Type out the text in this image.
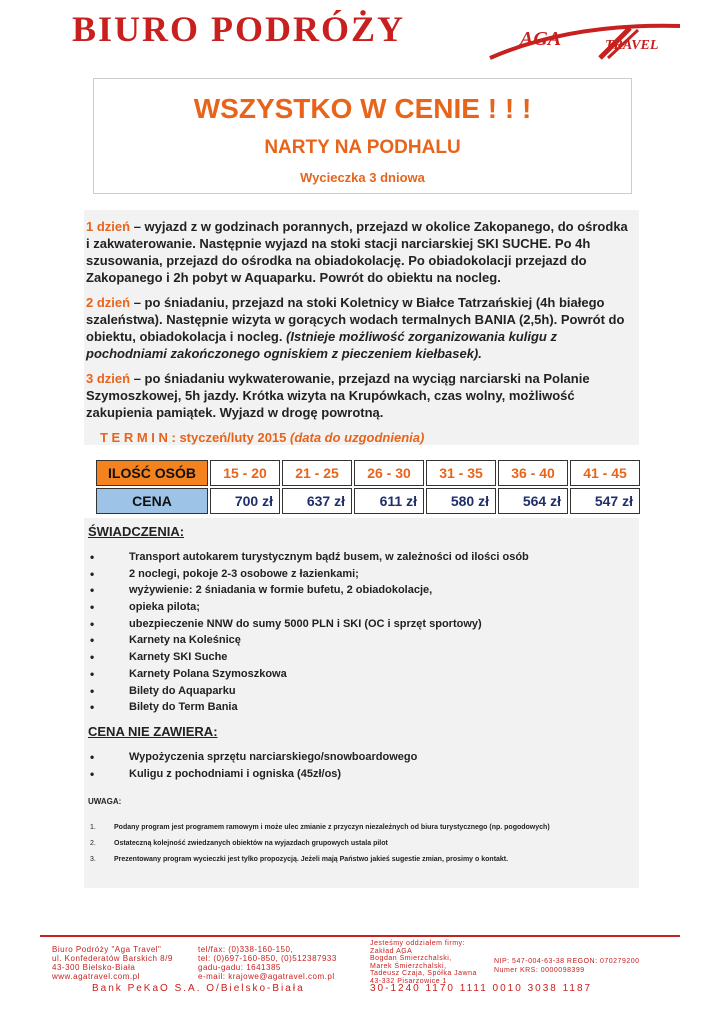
BIURO PODRÓŻY	AGA	TRAVEL
WSZYSTKO W CENIE ! ! !
NARTY NA PODHALU
Wycieczka 3 dniowa

1 dzień – wyjazd z w godzinach porannych, przejazd w okolice Zakopanego, do ośrodka i zakwaterowanie. Następnie wyjazd na stoki stacji narciarskiej SKI SUCHE. Po 4h szusowania, przejazd do ośrodka na obiadokolację. Po obiadokolacji przejazd do Zakopanego i 2h pobyt w Aquaparku. Powrót do obiektu na nocleg.

2 dzień – po śniadaniu, przejazd na stoki Koletnicy w Białce Tatrzańskiej (4h białego szaleństwa). Następnie wizyta w gorących wodach termalnych BANIA (2,5h). Powrót do obiektu, obiadokolacja i nocleg. (Istnieje możliwość zorganizowania kuligu z pochodniami zakończonego ogniskiem z pieczeniem kiełbasek).

3 dzień – po śniadaniu wykwaterowanie, przejazd na wyciąg narciarski na Polanie Szymoszkowej, 5h jazdy. Krótka wizyta na Krupówkach, czas wolny, możliwość zakupienia pamiątek. Wyjazd w drogę powrotną.

T E R M I N : styczeń/luty 2015 (data do uzgodnienia)
ILOŚĆ OSÓB	15 - 20	21 - 25	26 - 30	31 - 35	36 - 40	41 - 45
CENA	700 zł	637 zł	611 zł	580 zł	564 zł	547 zł
ŚWIADCZENIA:
• Transport autokarem turystycznym bądź busem, w zależności od ilości osób
• 2 noclegi, pokoje 2-3 osobowe z łazienkami;
• wyżywienie: 2 śniadania w formie bufetu, 2 obiadokolacje,
• opieka pilota;
• ubezpieczenie NNW do sumy 5000 PLN i SKI (OC i sprzęt sportowy)
• Karnety na Koleśnicę
• Karnety SKI Suche
• Karnety Polana Szymoszkowa
• Bilety do Aquaparku
• Bilety do Term Bania
CENA NIE ZAWIERA:
• Wypożyczenia sprzętu narciarskiego/snowboardowego
• Kuligu z pochodniami i ogniska (45zł/os)
UWAGA:
1.	Podany program jest programem ramowym i może ulec zmianie z przyczyn niezależnych od biura turystycznego (np. pogodowych)
2.	Ostateczną kolejność zwiedzanych obiektów na wyjazdach grupowych ustala pilot
3.	Prezentowany program wycieczki jest tylko propozycją. Jeżeli mają Państwo jakieś sugestie zmian, prosimy o kontakt.
Biuro Podróży "Aga Travel"
ul. Konfederatów Barskich 8/9
43-300 Bielsko-Biała
www.agatravel.com.pl
tel/fax: (0)338-160-150,
tel: (0)697-160-850, (0)512387933
gadu-gadu: 1641385
e-mail: krajowe@agatravel.com.pl
Jesteśmy oddziałem firmy:
Zakład AGA
Bogdan Śmierzchalski,
Marek Śmierzchalski,
Tadeusz Czaja, Spółka Jawna
43-332 Pisarzowice 1
NIP: 547-004-63-38 REGON: 070279200
Numer KRS: 0000098399
Bank PeKaO S.A. O/Bielsko-Biała	30-1240 1170 1111 0010 3038 1187
